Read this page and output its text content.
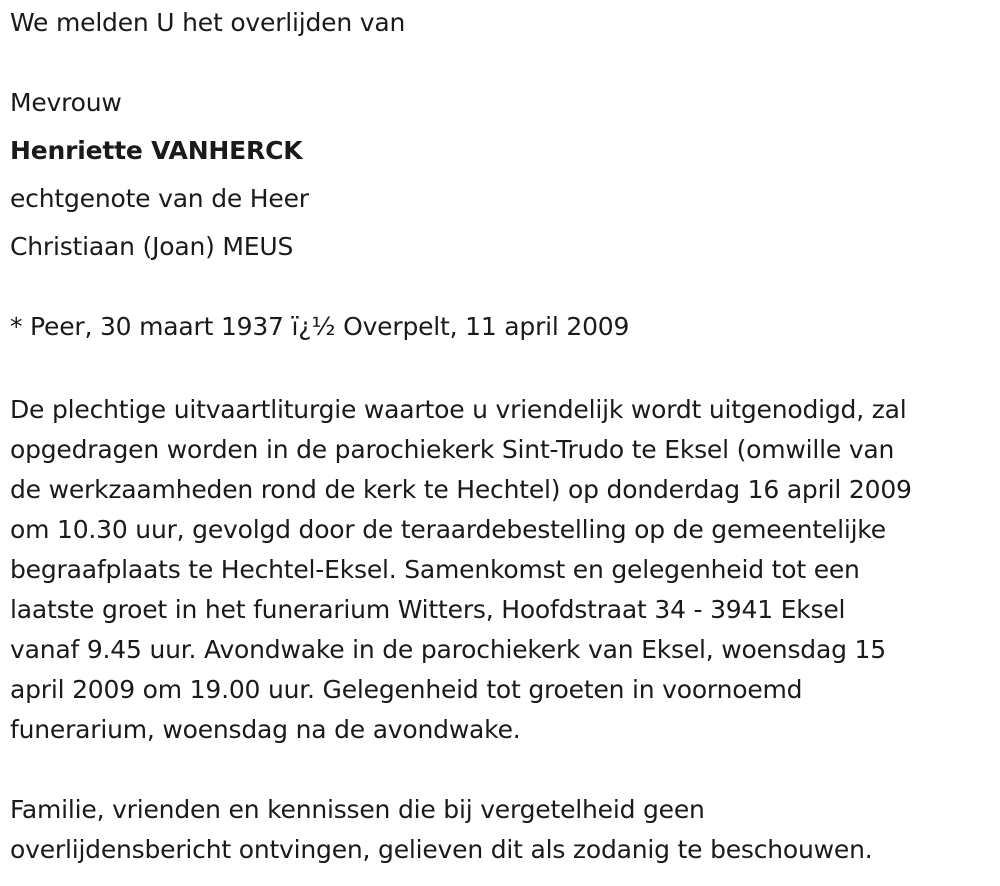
We melden U het overlijden van
Mevrouw
Henriette VANHERCK
echtgenote van de Heer
Christiaan (Joan) MEUS
* Peer, 30 maart 1937 ï¿½ Overpelt, 11 april 2009
De plechtige uitvaartliturgie waartoe u vriendelijk wordt uitgenodigd, zal
opgedragen worden in de parochiekerk Sint-Trudo te Eksel (omwille van
de werkzaamheden rond de kerk te Hechtel) op donderdag 16 april 2009
om 10.30 uur, gevolgd door de teraardebestelling op de gemeentelijke
begraafplaats te Hechtel-Eksel. Samenkomst en gelegenheid tot een
laatste groet in het funerarium Witters, Hoofdstraat 34 - 3941 Eksel
vanaf 9.45 uur. Avondwake in de parochiekerk van Eksel, woensdag 15
april 2009 om 19.00 uur. Gelegenheid tot groeten in voornoemd
funerarium, woensdag na de avondwake.
Familie, vrienden en kennissen die bij vergetelheid geen
overlijdensbericht ontvingen, gelieven dit als zodanig te beschouwen.
